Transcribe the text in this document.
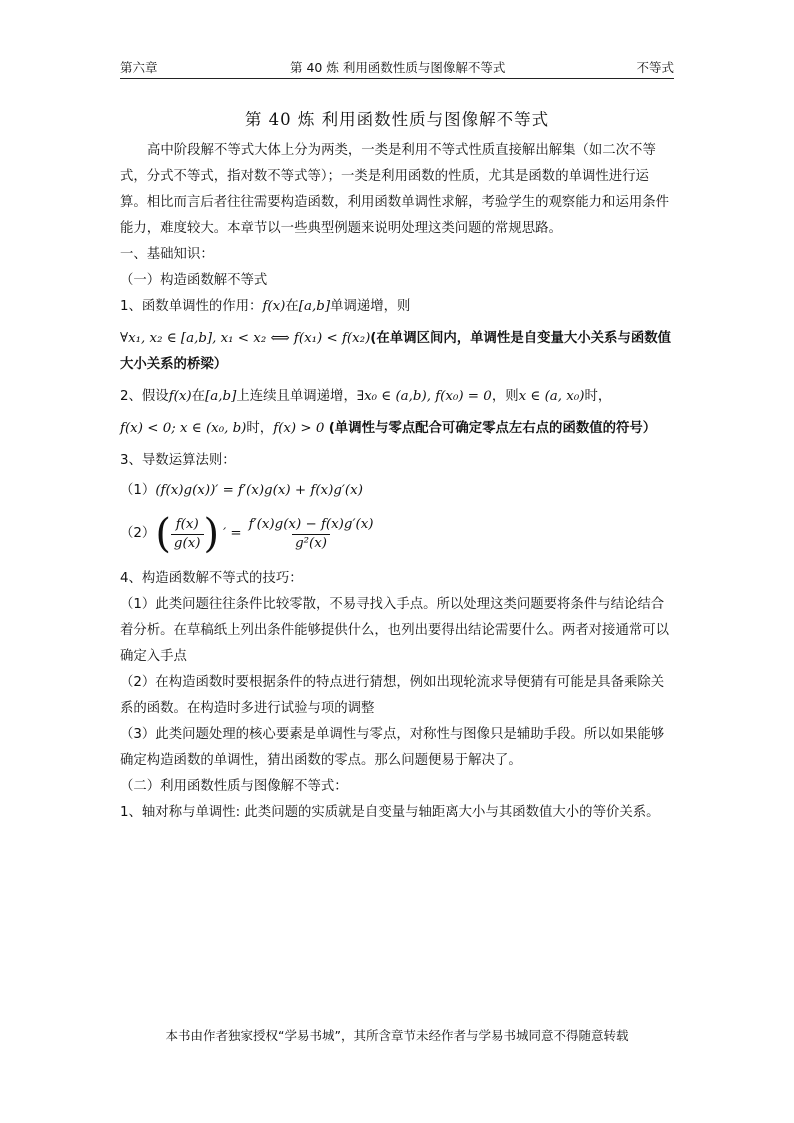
第六章	第 40 炼 利用函数性质与图像解不等式	不等式
第 40 炼 利用函数性质与图像解不等式

高中阶段解不等式大体上分为两类，一类是利用不等式性质直接解出解集（如二次不等式，分式不等式，指对数不等式等）；一类是利用函数的性质，尤其是函数的单调性进行运算。相比而言后者往往需要构造函数，利用函数单调性求解，考验学生的观察能力和运用条件能力，难度较大。本章节以一些典型例题来说明处理这类问题的常规思路。

一、基础知识：

（一）构造函数解不等式

1、函数单调性的作用：f(x)在[a,b]单调递增，则

∀x₁, x₂ ∈ [a,b], x₁ < x₂ ⟺ f(x₁) < f(x₂)(在单调区间内，单调性是自变量大小关系与函数值大小关系的桥梁）

2、假设f(x)在[a,b]上连续且单调递增，∃x₀ ∈ (a,b), f(x₀) = 0，则x ∈ (a, x₀)时，

f(x) < 0; x ∈ (x₀, b)时，f(x) > 0 (单调性与零点配合可确定零点左右点的函数值的符号）

3、导数运算法则：

（1）(f(x)g(x))′ = f′(x)g(x) + f(x)g′(x)

（2） ( $\frac{f(x)}{g(x)}$ ) ′ = $\frac{f'(x)g(x) - f(x)g'(x)}{\text{g²(x)}}$

4、构造函数解不等式的技巧：

（1）此类问题往往条件比较零散，不易寻找入手点。所以处理这类问题要将条件与结论结合着分析。在草稿纸上列出条件能够提供什么，也列出要得出结论需要什么。两者对接通常可以确定入手点

（2）在构造函数时要根据条件的特点进行猜想，例如出现轮流求导便猜有可能是具备乘除关系的函数。在构造时多进行试验与项的调整

（3）此类问题处理的核心要素是单调性与零点，对称性与图像只是辅助手段。所以如果能够确定构造函数的单调性，猜出函数的零点。那么问题便易于解决了。

（二）利用函数性质与图像解不等式：

1、轴对称与单调性: 此类问题的实质就是自变量与轴距离大小与其函数值大小的等价关系。

本书由作者独家授权“学易书城”，其所含章节未经作者与学易书城同意不得随意转载
